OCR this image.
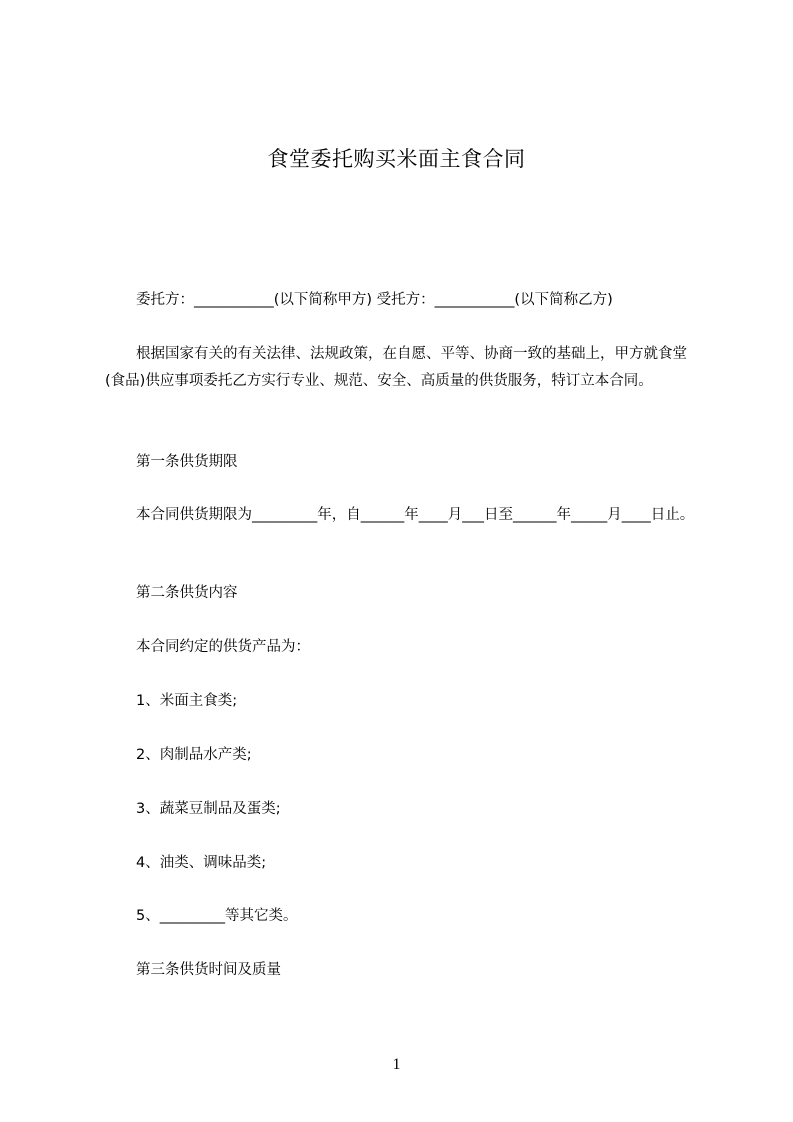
食堂委托购买米面主食合同
委托方：___________(以下简称甲方) 受托方：___________(以下简称乙方)
根据国家有关的有关法律、法规政策，在自愿、平等、协商一致的基础上，甲方就食堂(食品)供应事项委托乙方实行专业、规范、安全、高质量的供货服务，特订立本合同。
第一条供货期限
本合同供货期限为_________年，自______年____月___日至______年_____月____日止。
第二条供货内容
本合同约定的供货产品为：
1、米面主食类;
2、肉制品水产类;
3、蔬菜豆制品及蛋类;
4、油类、调味品类;
5、_________等其它类。
第三条供货时间及质量
1
